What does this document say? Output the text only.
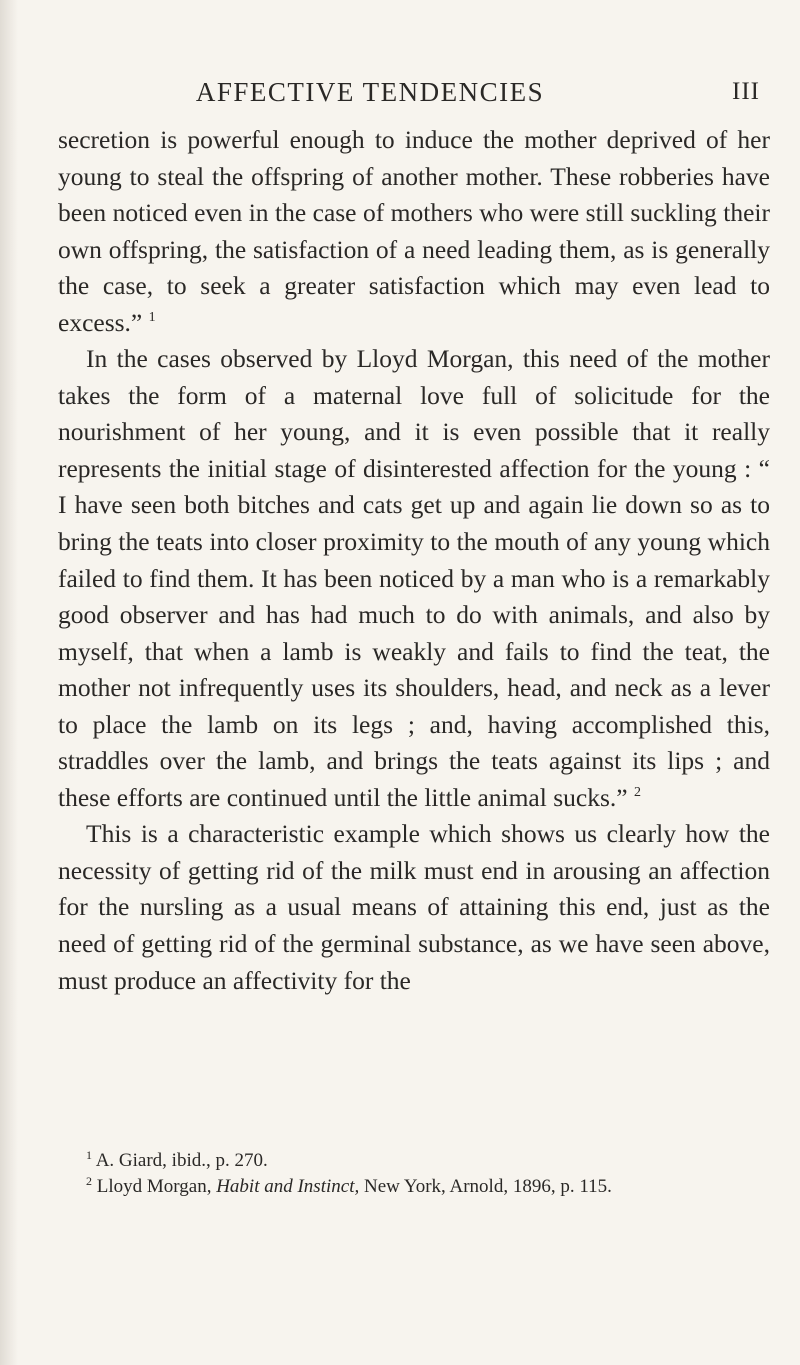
AFFECTIVE TENDENCIES	III

secretion is powerful enough to induce the mother deprived of her young to steal the offspring of another mother. These robberies have been noticed even in the case of mothers who were still suckling their own offspring, the satisfaction of a need leading them, as is generally the case, to seek a greater satisfaction which may even lead to excess.” $^1$

In the cases observed by Lloyd Morgan, this need of the mother takes the form of a maternal love full of solicitude for the nourishment of her young, and it is even possible that it really represents the initial stage of disinterested affection for the young : “ I have seen both bitches and cats get up and again lie down so as to bring the teats into closer proximity to the mouth of any young which failed to find them. It has been noticed by a man who is a remarkably good observer and has had much to do with animals, and also by myself, that when a lamb is weakly and fails to find the teat, the mother not infrequently uses its shoulders, head, and neck as a lever to place the lamb on its legs ; and, having accomplished this, straddles over the lamb, and brings the teats against its lips ; and these efforts are continued until the little animal sucks.” $^2$

This is a characteristic example which shows us clearly how the necessity of getting rid of the milk must end in arousing an affection for the nursling as a usual means of attaining this end, just as the need of getting rid of the germinal substance, as we have seen above, must produce an affectivity for the

$^1$ A. Giard, ibid., p. 270.
$^2$ Lloyd Morgan, Habit and Instinct, New York, Arnold, 1896, p. 115.
